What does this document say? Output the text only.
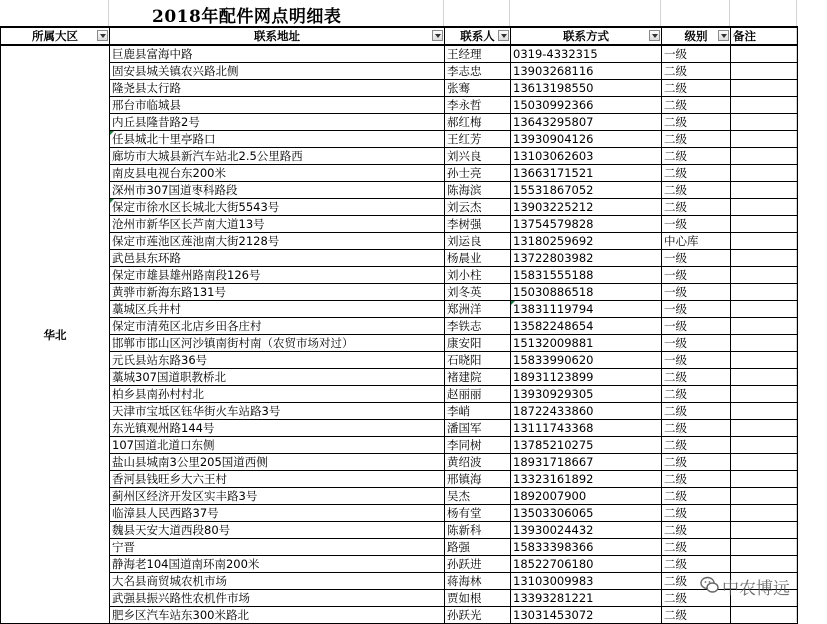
2018年配件网点明细表
所属大区	联系地址	联系人	联系方式	级别	备注
华北	巨鹿县富海中路	王经理	0319-4332315	一级	
	固安县城关镇农兴路北侧	李志忠	13903268116	二级	
	隆尧县太行路	张骞	13613198550	二级	
	邢台市临城县	李永哲	15030992366	二级	
	内丘县隆昔路2号	郝红梅	13643295807	二级	
	任县城北十里亭路口	王红芳	13930904126	二级	
	廊坊市大城县新汽车站北2.5公里路西	刘兴良	13103062603	二级	
	南皮县电视台东200米	孙士亮	13663171521	二级	
	深州市307国道枣科路段	陈海滨	15531867052	二级	
	保定市徐水区长城北大街5543号	刘云杰	13903225212	二级	
	沧州市新华区长芦南大道13号	李树强	13754579828	一级	
	保定市莲池区莲池南大街2128号	刘运良	13180259692	中心库	
	武邑县东环路	杨晨业	13722803982	一级	
	保定市雄县雄州路南段126号	刘小柱	15831555188	一级	
	黄骅市新海东路131号	刘冬英	15030886518	一级	
	藁城区兵井村	郑洲洋	13831119794	一级	
	保定市清苑区北店乡田各庄村	李铁志	13582248654	一级	
	邯郸市邯山区河沙镇南街村南（农贸市场对过）	康安阳	15132009881	一级	
	元氏县站东路36号	石晓阳	15833990620	一级	
	藁城307国道职教桥北	褚建院	18931123899	二级	
	柏乡县南孙村村北	赵丽丽	13930929305	二级	
	天津市宝坻区钰华街火车站路3号	李峭	18722433860	二级	
	东光镇观州路144号	潘国军	13111743368	二级	
	107国道北道口东侧	李同树	13785210275	二级	
	盐山县城南3公里205国道西侧	黄绍波	18931718667	二级	
	香河县钱旺乡大六王村	邢镇海	13323161892	二级	
	蓟州区经济开发区实丰路3号	吴杰	1892007900	二级	
	临漳县人民西路37号	杨有堂	13503306065	二级	
	魏县天安大道西段80号	陈新科	13930024432	二级	
	宁晋	路强	15833398366	二级	
	静海老104国道南环南200米	孙跃进	18522706180	二级	
	大名县商贸城农机市场	蒋海林	13103009983	二级	
	武强县振兴路性农机件市场	贾如根	13393281221	二级	
	肥乡区汽车站东300米路北	孙跃光	13031453072	二级	
中农博远
